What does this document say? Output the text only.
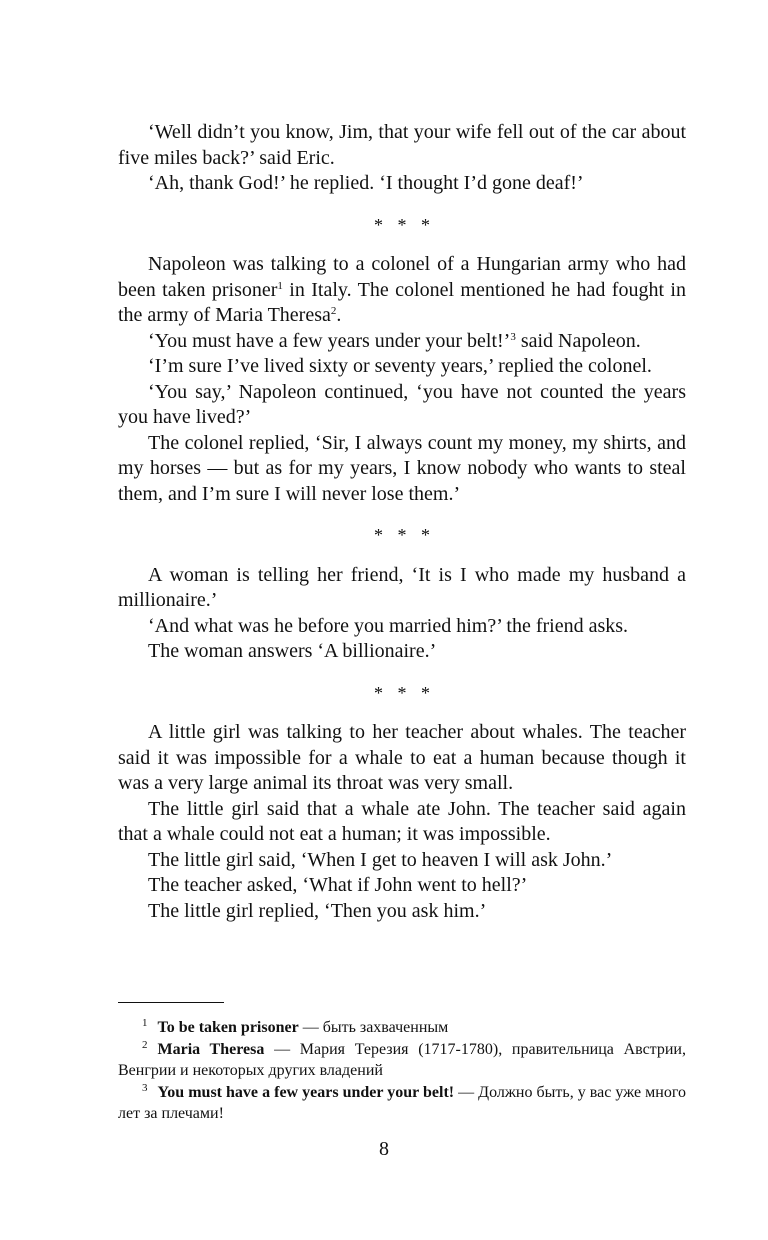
‘Well didn’t you know, Jim, that your wife fell out of the car about five miles back?’ said Eric.

‘Ah, thank God!’ he replied. ‘I thought I’d gone deaf!’

* * *

Napoleon was talking to a colonel of a Hungarian army who had been taken prisoner$^1$ in Italy. The colonel mentioned he had fought in the army of Maria Theresa$^2$.

‘You must have a few years under your belt!’$^3$ said Napoleon.

‘I’m sure I’ve lived sixty or seventy years,’ replied the colonel.

‘You say,’ Napoleon continued, ‘you have not counted the years you have lived?’

The colonel replied, ‘Sir, I always count my money, my shirts, and my horses — but as for my years, I know nobody who wants to steal them, and I’m sure I will never lose them.’

* * *

A woman is telling her friend, ‘It is I who made my husband a millionaire.’

‘And what was he before you married him?’ the friend asks.

The woman answers ‘A billionaire.’

* * *

A little girl was talking to her teacher about whales. The teacher said it was impossible for a whale to eat a human because though it was a very large animal its throat was very small.

The little girl said that a whale ate John. The teacher said again that a whale could not eat a human; it was impossible.

The little girl said, ‘When I get to heaven I will ask John.’

The teacher asked, ‘What if John went to hell?’

The little girl replied, ‘Then you ask him.’

$^1$ To be taken prisoner — быть захваченным

$^2$ Maria Theresa — Мария Терезия (1717-1780), правительница Австрии, Венгрии и некоторых других владений

$^3$ You must have a few years under your belt! — Должно быть, у вас уже много лет за плечами!

8
